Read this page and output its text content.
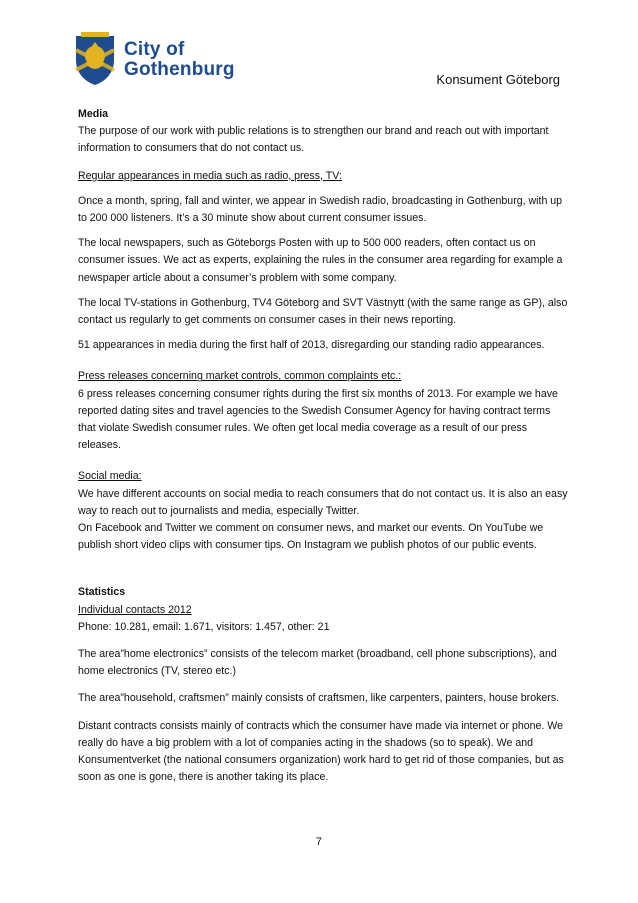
City of
Gothenburg	Konsument Göteborg

Media

The purpose of our work with public relations is to strengthen our brand and reach out with important information to consumers that do not contact us.

Regular appearances in media such as radio, press, TV:

Once a month, spring, fall and winter, we appear in Swedish radio, broadcasting in Gothenburg, with up to 200 000 listeners. It’s a 30 minute show about current consumer issues.

The local newspapers, such as Göteborgs Posten with up to 500 000 readers, often contact us on consumer issues. We act as experts, explaining the rules in the consumer area regarding for example a newspaper article about a consumer’s problem with some company.

The local TV-stations in Gothenburg, TV4 Göteborg and SVT Västnytt (with the same range as GP), also contact us regularly to get comments on consumer cases in their news reporting.

51 appearances in media during the first half of 2013, disregarding our standing radio appearances.

Press releases concerning market controls, common complaints etc.:

6 press releases concerning consumer rights during the first six months of 2013. For example we have reported dating sites and travel agencies to the Swedish Consumer Agency for having contract terms that violate Swedish consumer rules. We often get local media coverage as a result of our press releases.

Social media:

We have different accounts on social media to reach consumers that do not contact us. It is also an easy way to reach out to journalists and media, especially Twitter.

On Facebook and Twitter we comment on consumer news, and market our events. On YouTube we publish short video clips with consumer tips. On Instagram we publish photos of our public events.

Statistics

Individual contacts 2012

Phone: 10.281, email: 1.671, visitors: 1.457, other: 21

The area”home electronics” consists of the telecom market (broadband, cell phone subscriptions), and home electronics (TV, stereo etc.)

The area”household, craftsmen” mainly consists of craftsmen, like carpenters, painters, house brokers.

Distant contracts consists mainly of contracts which the consumer have made via internet or phone. We really do have a big problem with a lot of companies acting in the shadows (so to speak). We and Konsumentverket (the national consumers organization) work hard to get rid of those companies, but as soon as one is gone, there is another taking its place.

7
